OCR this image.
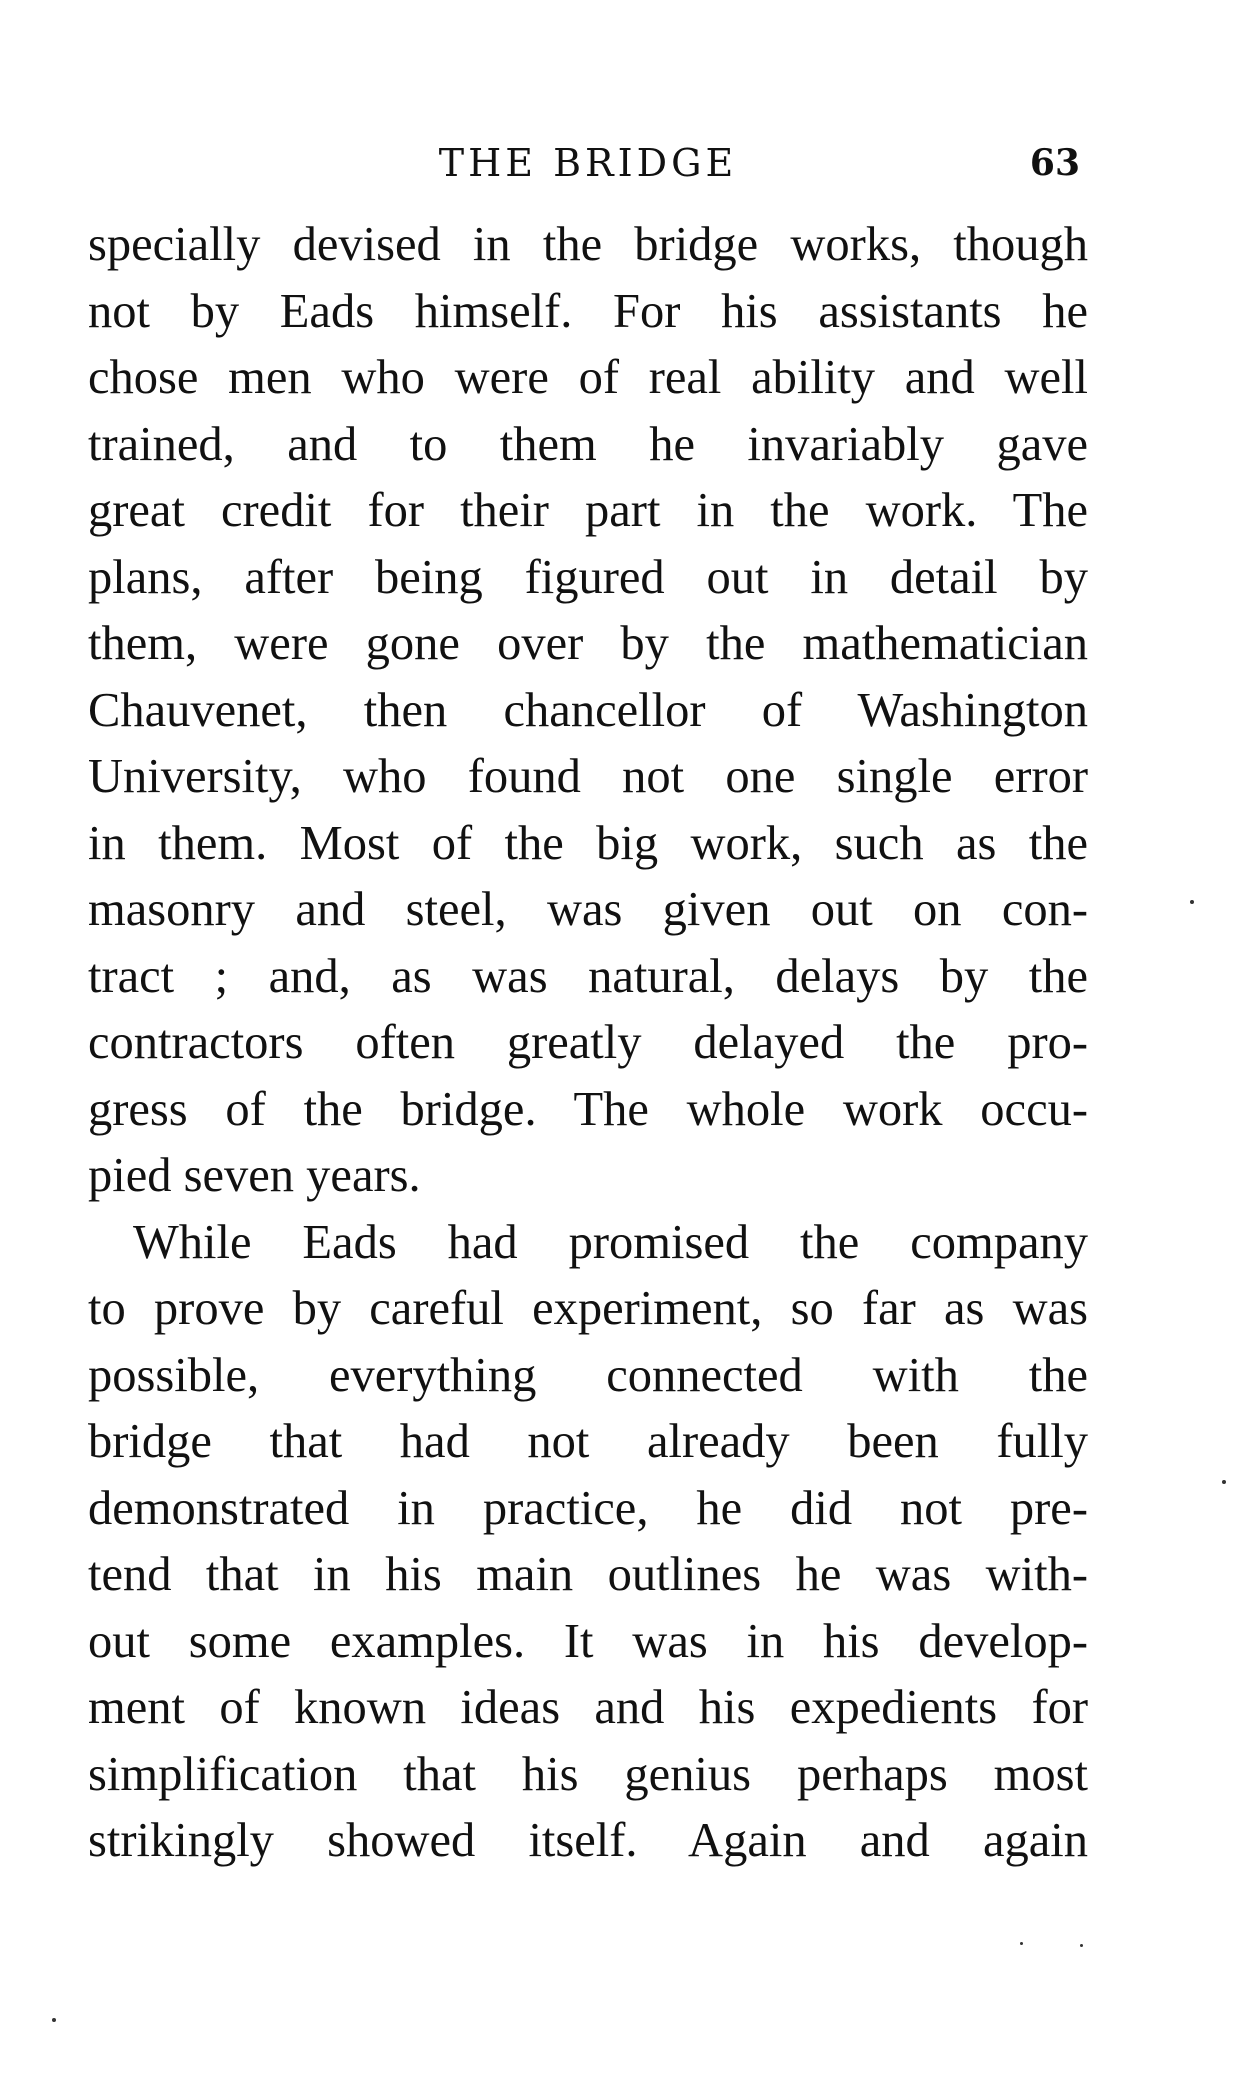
THE BRIDGE	63
specially devised in the bridge works, though
not by Eads himself. For his assistants he
chose men who were of real ability and well
trained, and to them he invariably gave
great credit for their part in the work. The
plans, after being figured out in detail by
them, were gone over by the mathematician
Chauvenet, then chancellor of Washington
University, who found not one single error
in them. Most of the big work, such as the
masonry and steel, was given out on con-
tract ; and, as was natural, delays by the
contractors often greatly delayed the pro-
gress of the bridge. The whole work occu-
pied seven years.
While Eads had promised the company
to prove by careful experiment, so far as was
possible, everything connected with the
bridge that had not already been fully
demonstrated in practice, he did not pre-
tend that in his main outlines he was with-
out some examples. It was in his develop-
ment of known ideas and his expedients for
simplification that his genius perhaps most
strikingly showed itself. Again and again
